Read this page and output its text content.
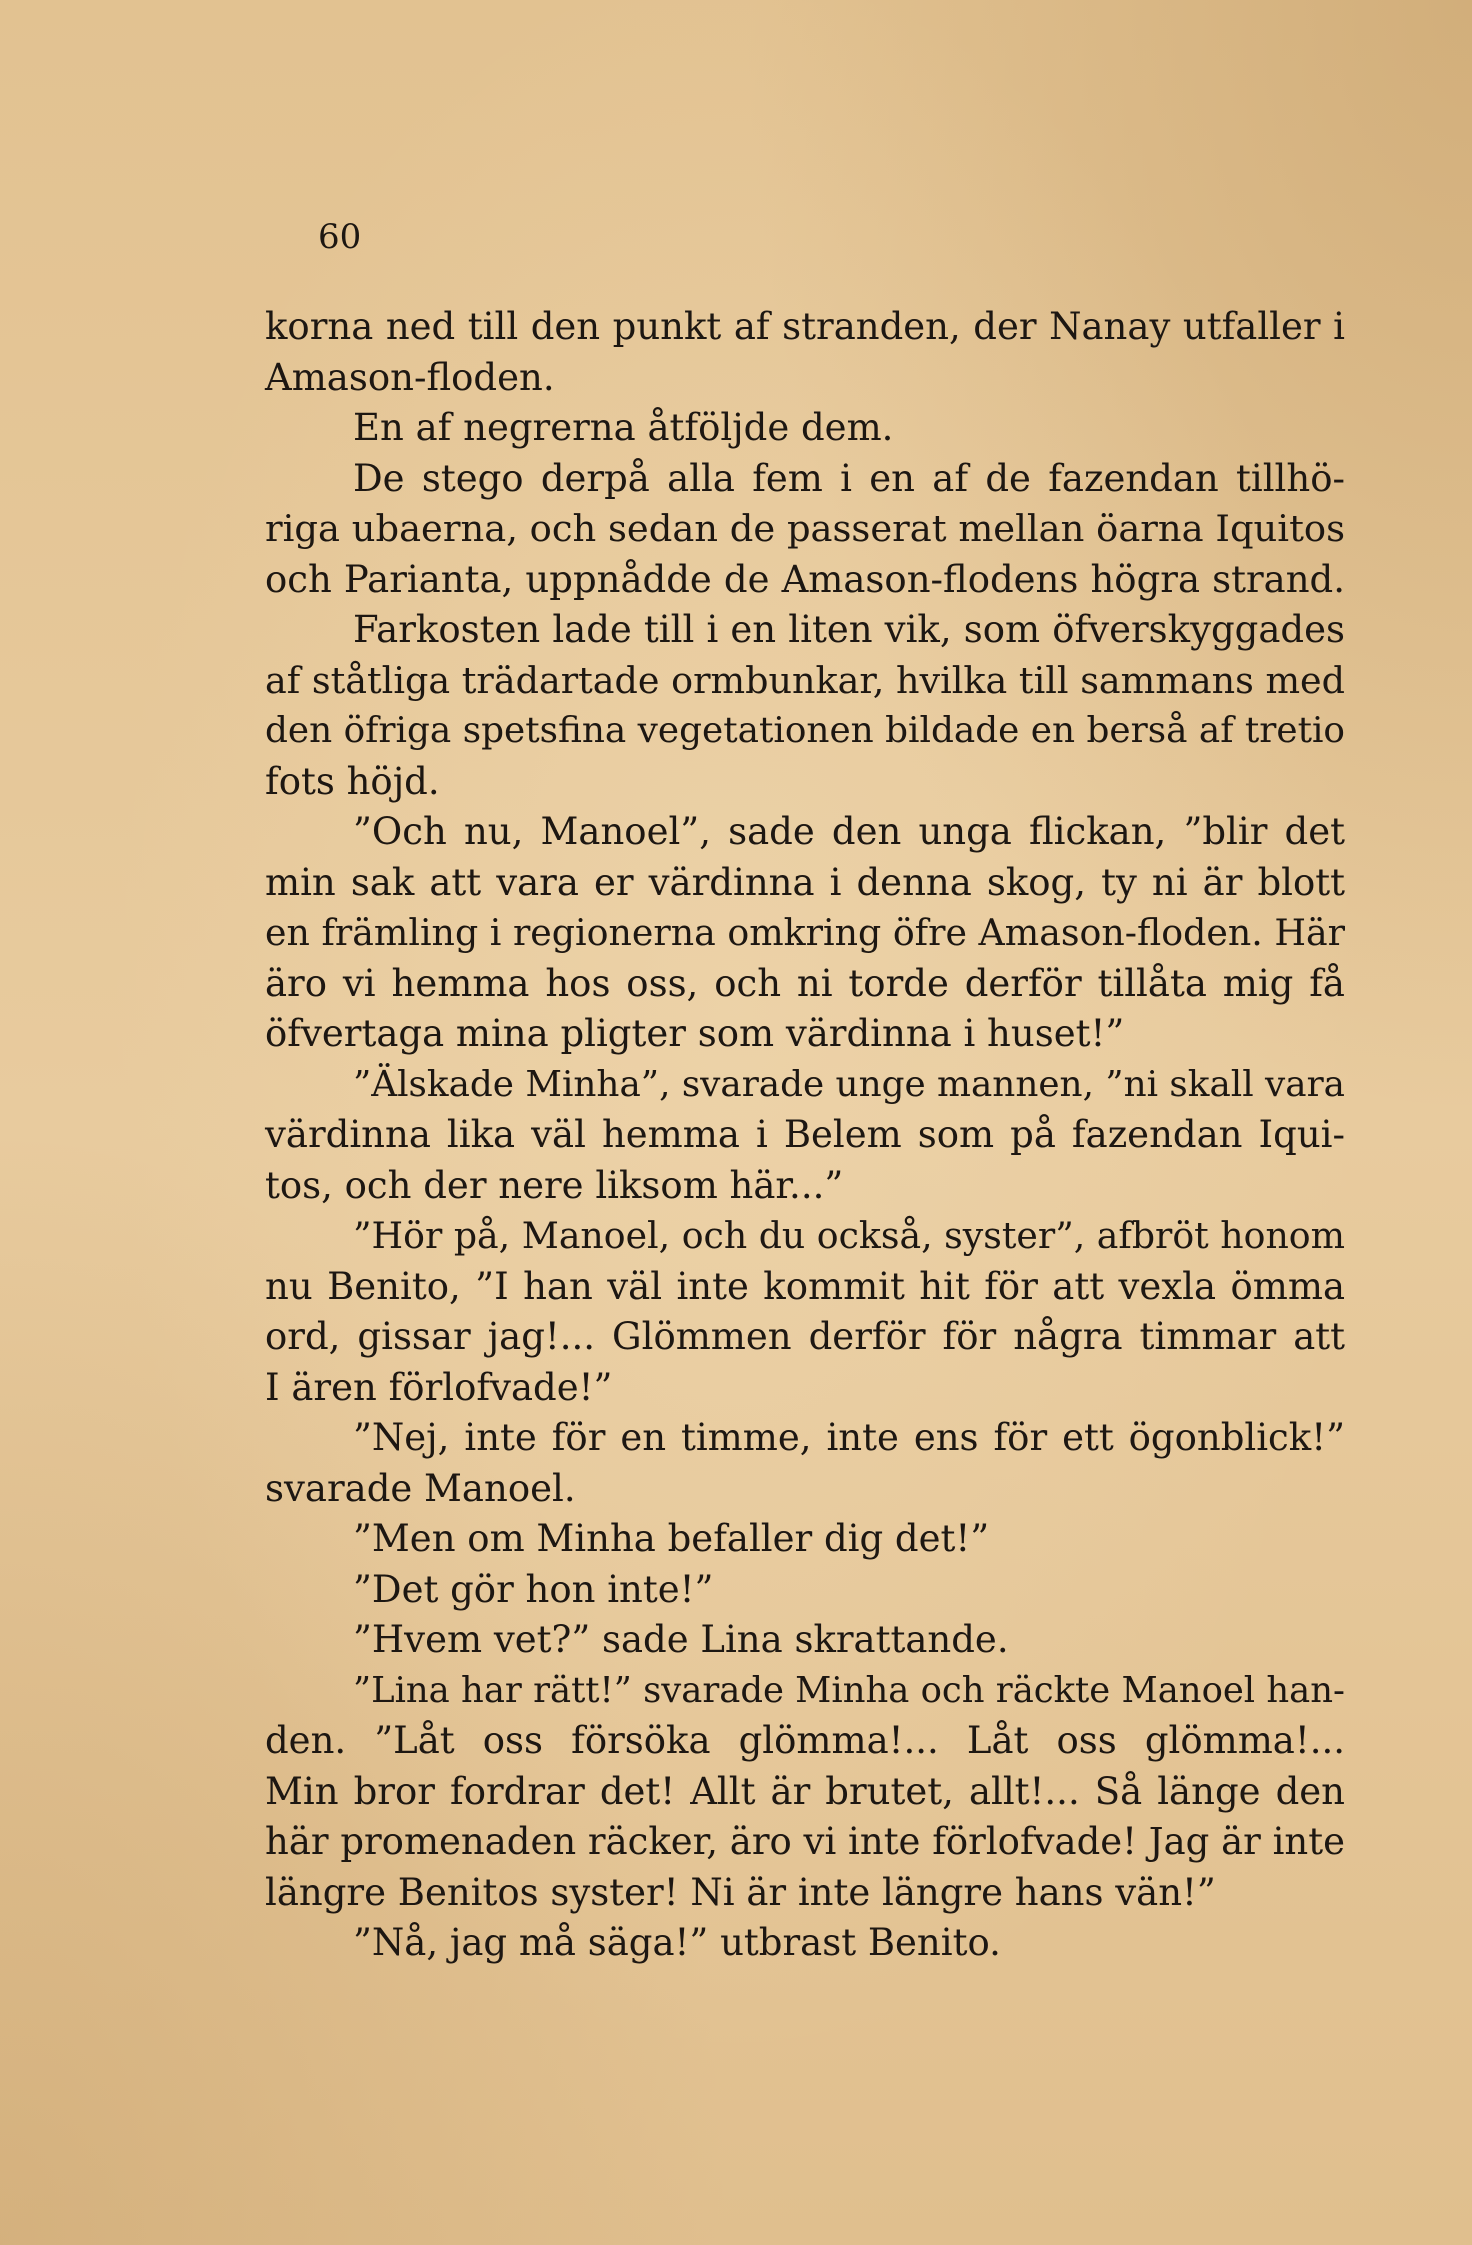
60
korna ned till den punkt af stranden, der Nanay utfaller i
Amason-floden.
En af negrerna åtföljde dem.
De stego derpå alla fem i en af de fazendan tillhö-
riga ubaerna, och sedan de passerat mellan öarna Iquitos
och Parianta, uppnådde de Amason-flodens högra strand.
Farkosten lade till i en liten vik, som öfverskyggades
af ståtliga trädartade ormbunkar, hvilka till sammans med
den öfriga spetsfina vegetationen bildade en berså af tretio
fots höjd.
”Och nu, Manoel”, sade den unga flickan, ”blir det
min sak att vara er värdinna i denna skog, ty ni är blott
en främling i regionerna omkring öfre Amason-floden. Här
äro vi hemma hos oss, och ni torde derför tillåta mig få
öfvertaga mina pligter som värdinna i huset!”
”Älskade Minha”, svarade unge mannen, ”ni skall vara
värdinna lika väl hemma i Belem som på fazendan Iqui-
tos, och der nere liksom här...”
”Hör på, Manoel, och du också, syster”, afbröt honom
nu Benito, ”I han väl inte kommit hit för att vexla ömma
ord, gissar jag!... Glömmen derför för några timmar att
I ären förlofvade!”
”Nej, inte för en timme, inte ens för ett ögonblick!”
svarade Manoel.
”Men om Minha befaller dig det!”
”Det gör hon inte!”
”Hvem vet?” sade Lina skrattande.
”Lina har rätt!” svarade Minha och räckte Manoel han-
den. ”Låt oss försöka glömma!... Låt oss glömma!...
Min bror fordrar det! Allt är brutet, allt!... Så länge den
här promenaden räcker, äro vi inte förlofvade! Jag är inte
längre Benitos syster! Ni är inte längre hans vän!”
”Nå, jag må säga!” utbrast Benito.
